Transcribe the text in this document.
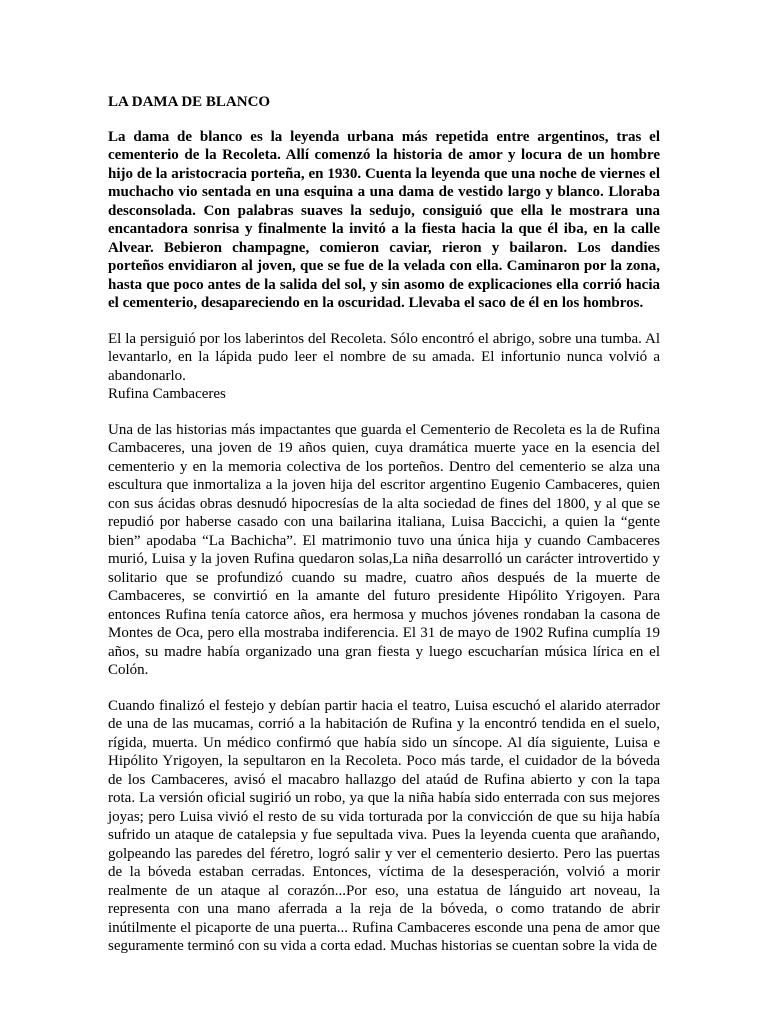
LA DAMA DE BLANCO

La dama de blanco es la leyenda urbana más repetida entre argentinos, tras el cementerio de la Recoleta. Allí comenzó la historia de amor y locura de un hombre hijo de la aristocracia porteña, en 1930. Cuenta la leyenda que una noche de viernes el muchacho vio sentada en una esquina a una dama de vestido largo y blanco. Lloraba desconsolada. Con palabras suaves la sedujo, consiguió que ella le mostrara una encantadora sonrisa y finalmente la invitó a la fiesta hacia la que él iba, en la calle Alvear. Bebieron champagne, comieron caviar, rieron y bailaron. Los dandies porteños envidiaron al joven, que se fue de la velada con ella. Caminaron por la zona, hasta que poco antes de la salida del sol, y sin asomo de explicaciones ella corrió hacia el cementerio, desapareciendo en la oscuridad. Llevaba el saco de él en los hombros.

El la persiguió por los laberintos del Recoleta. Sólo encontró el abrigo, sobre una tumba. Al levantarlo, en la lápida pudo leer el nombre de su amada. El infortunio nunca volvió a abandonarlo.

Rufina Cambaceres

Una de las historias más impactantes que guarda el Cementerio de Recoleta es la de Rufina Cambaceres, una joven de 19 años quien, cuya dramática muerte yace en la esencia del cementerio y en la memoria colectiva de los porteños. Dentro del cementerio se alza una escultura que inmortaliza a la joven hija del escritor argentino Eugenio Cambaceres, quien con sus ácidas obras desnudó hipocresías de la alta sociedad de fines del 1800, y al que se repudió por haberse casado con una bailarina italiana, Luisa Baccichi, a quien la “gente bien” apodaba “La Bachicha”. El matrimonio tuvo una única hija y cuando Cambaceres murió, Luisa y la joven Rufina quedaron solas,La niña desarrolló un carácter introvertido y solitario que se profundizó cuando su madre, cuatro años después de la muerte de Cambaceres, se convirtió en la amante del futuro presidente Hipólito Yrigoyen. Para entonces Rufina tenía catorce años, era hermosa y muchos jóvenes rondaban la casona de Montes de Oca, pero ella mostraba indiferencia. El 31 de mayo de 1902 Rufina cumplía 19 años, su madre había organizado una gran fiesta y luego escucharían música lírica en el Colón.

Cuando finalizó el festejo y debían partir hacia el teatro, Luisa escuchó el alarido aterrador de una de las mucamas, corrió a la habitación de Rufina y la encontró tendida en el suelo, rígida, muerta. Un médico confirmó que había sido un síncope. Al día siguiente, Luisa e Hipólito Yrigoyen, la sepultaron en la Recoleta. Poco más tarde, el cuidador de la bóveda de los Cambaceres, avisó el macabro hallazgo del ataúd de Rufina abierto y con la tapa rota. La versión oficial sugirió un robo, ya que la niña había sido enterrada con sus mejores joyas; pero Luisa vivió el resto de su vida torturada por la convicción de que su hija había sufrido un ataque de catalepsia y fue sepultada viva. Pues la leyenda cuenta que arañando, golpeando las paredes del féretro, logró salir y ver el cementerio desierto. Pero las puertas de la bóveda estaban cerradas. Entonces, víctima de la desesperación, volvió a morir realmente de un ataque al corazón...Por eso, una estatua de lánguido art noveau, la representa con una mano aferrada a la reja de la bóveda, o como tratando de abrir inútilmente el picaporte de una puerta... Rufina Cambaceres esconde una pena de amor que seguramente terminó con su vida a corta edad. Muchas historias se cuentan sobre la vida de
